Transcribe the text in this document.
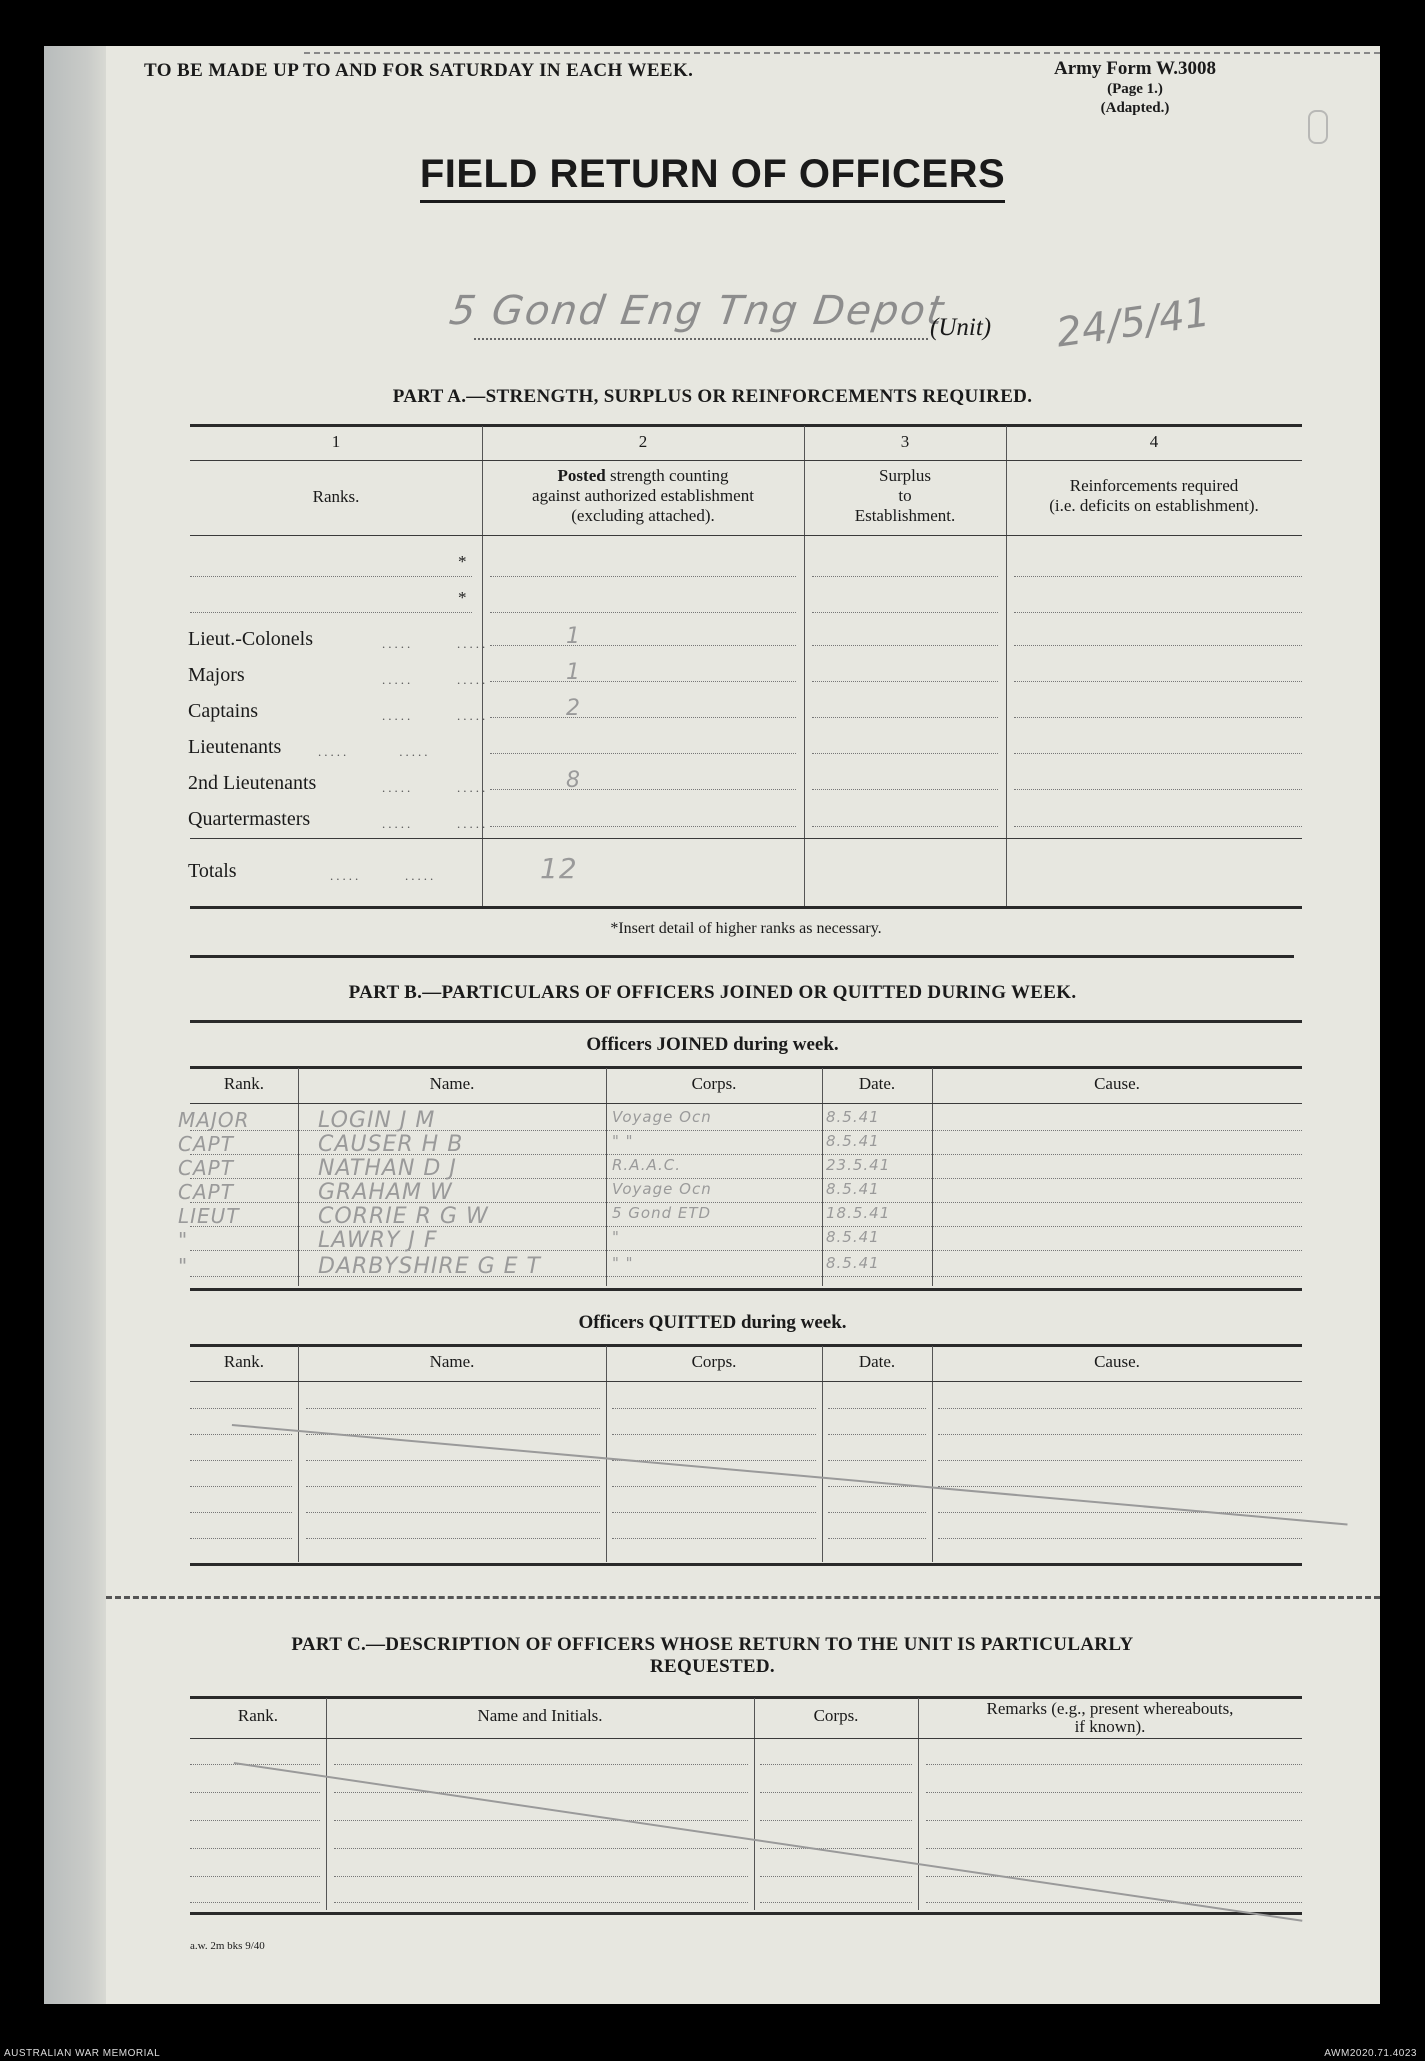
TO BE MADE UP TO AND FOR SATURDAY IN EACH WEEK.	Army Form W.3008
(Page 1.)
(Adapted.)
FIELD RETURN OF OFFICERS
5 Gond Eng Tng Depot
(Unit) 24/5/41
PART A.—STRENGTH, SURPLUS OR REINFORCEMENTS REQUIRED.
1	2	3	4
Ranks.
Posted strength counting
against authorized establishment
(excluding attached).
Surplus
to
Establishment.
Reinforcements required
(i.e. deficits on establishment).
*
*
Lieut.-Colonels	.....       .....	1
Majors	.....       .....	1
Captains	.....       .....	2
Lieutenants	.....        .....
2nd Lieutenants	.....       .....	8
Quartermasters	.....       .....
Totals	.....       .....	12
*Insert detail of higher ranks as necessary.
PART B.—PARTICULARS OF OFFICERS JOINED OR QUITTED DURING WEEK.
Officers JOINED during week.
Rank.	Name.	Corps.	Date.	Cause.
MAJOR	LOGIN J M	Voyage Ocn	8.5.41
CAPT	CAUSER H B	" "	8.5.41
CAPT	NATHAN D J	R.A.A.C.	23.5.41
CAPT	GRAHAM W	Voyage Ocn	8.5.41
LIEUT	CORRIE R G W	5 Gond ETD	18.5.41
"	LAWRY J F	"	8.5.41
"	DARBYSHIRE G E T	" "	8.5.41
Officers QUITTED during week.
Rank.	Name.	Corps.	Date.	Cause.
PART C.—DESCRIPTION OF OFFICERS WHOSE RETURN TO THE UNIT IS PARTICULARLY
REQUESTED.
Rank.	Name and Initials.	Corps.	Remarks (e.g., present whereabouts,
if known).
a.w. 2m bks 9/40
AUSTRALIAN WAR MEMORIAL	AWM2020.71.4023
